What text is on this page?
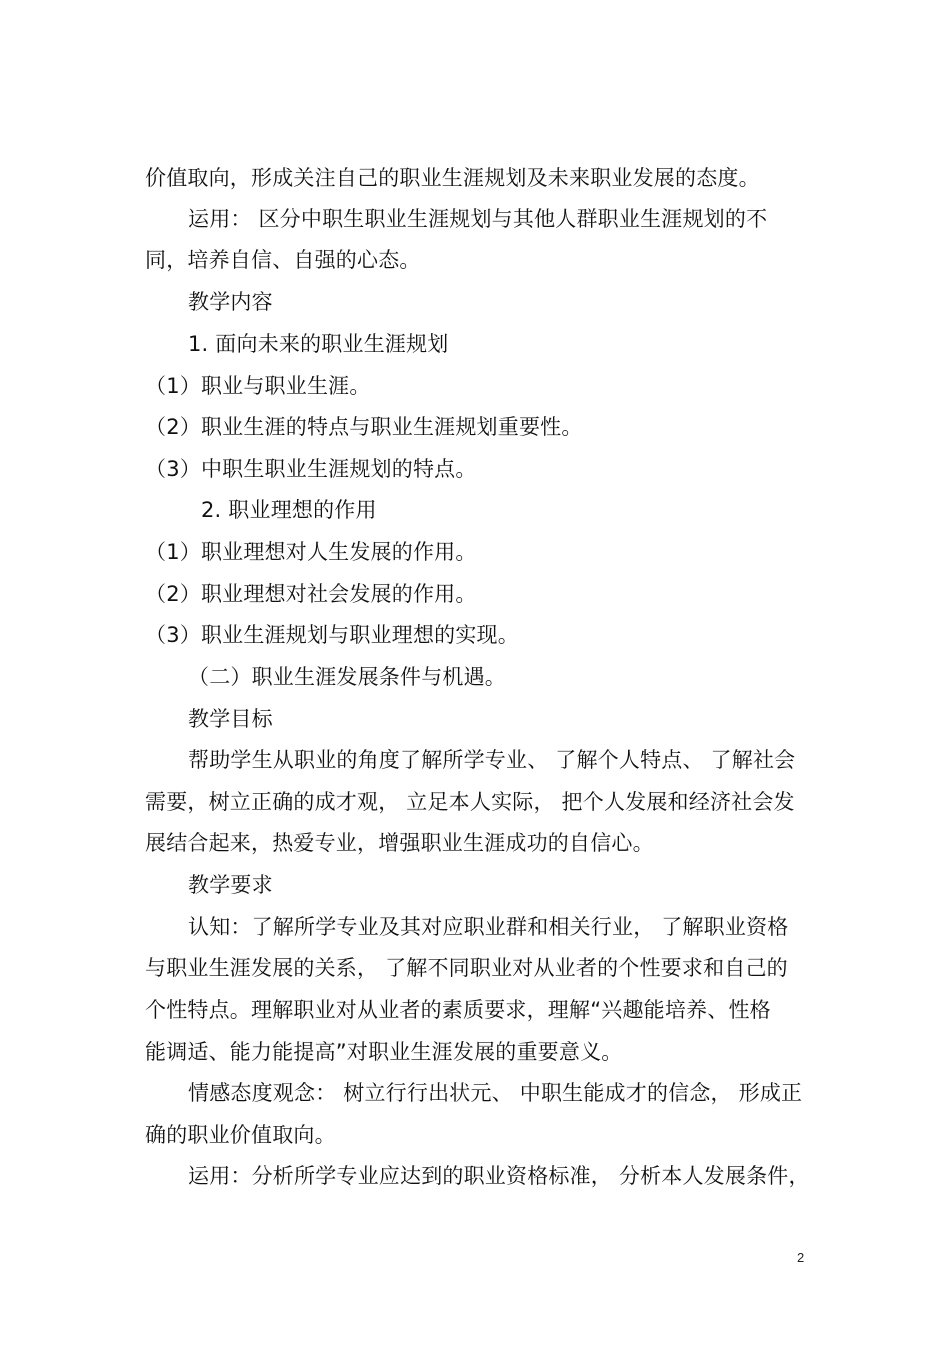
价值取向，形成关注自己的职业生涯规划及未来职业发展的态度。
运用： 区分中职生职业生涯规划与其他人群职业生涯规划的不
同，培养自信、自强的心态。
教学内容
1. 面向未来的职业生涯规划
（1）职业与职业生涯。
（2）职业生涯的特点与职业生涯规划重要性。
（3）中职生职业生涯规划的特点。
2. 职业理想的作用
（1）职业理想对人生发展的作用。
（2）职业理想对社会发展的作用。
（3）职业生涯规划与职业理想的实现。
（二）职业生涯发展条件与机遇。
教学目标
帮助学生从职业的角度了解所学专业、 了解个人特点、 了解社会
需要，树立正确的成才观， 立足本人实际， 把个人发展和经济社会发
展结合起来，热爱专业，增强职业生涯成功的自信心。
教学要求
认知：了解所学专业及其对应职业群和相关行业， 了解职业资格
与职业生涯发展的关系， 了解不同职业对从业者的个性要求和自己的
个性特点。理解职业对从业者的素质要求，理解“兴趣能培养、性格
能调适、能力能提高”对职业生涯发展的重要意义。
情感态度观念： 树立行行出状元、 中职生能成才的信念， 形成正
确的职业价值取向。
运用：分析所学专业应达到的职业资格标准， 分析本人发展条件，
2
